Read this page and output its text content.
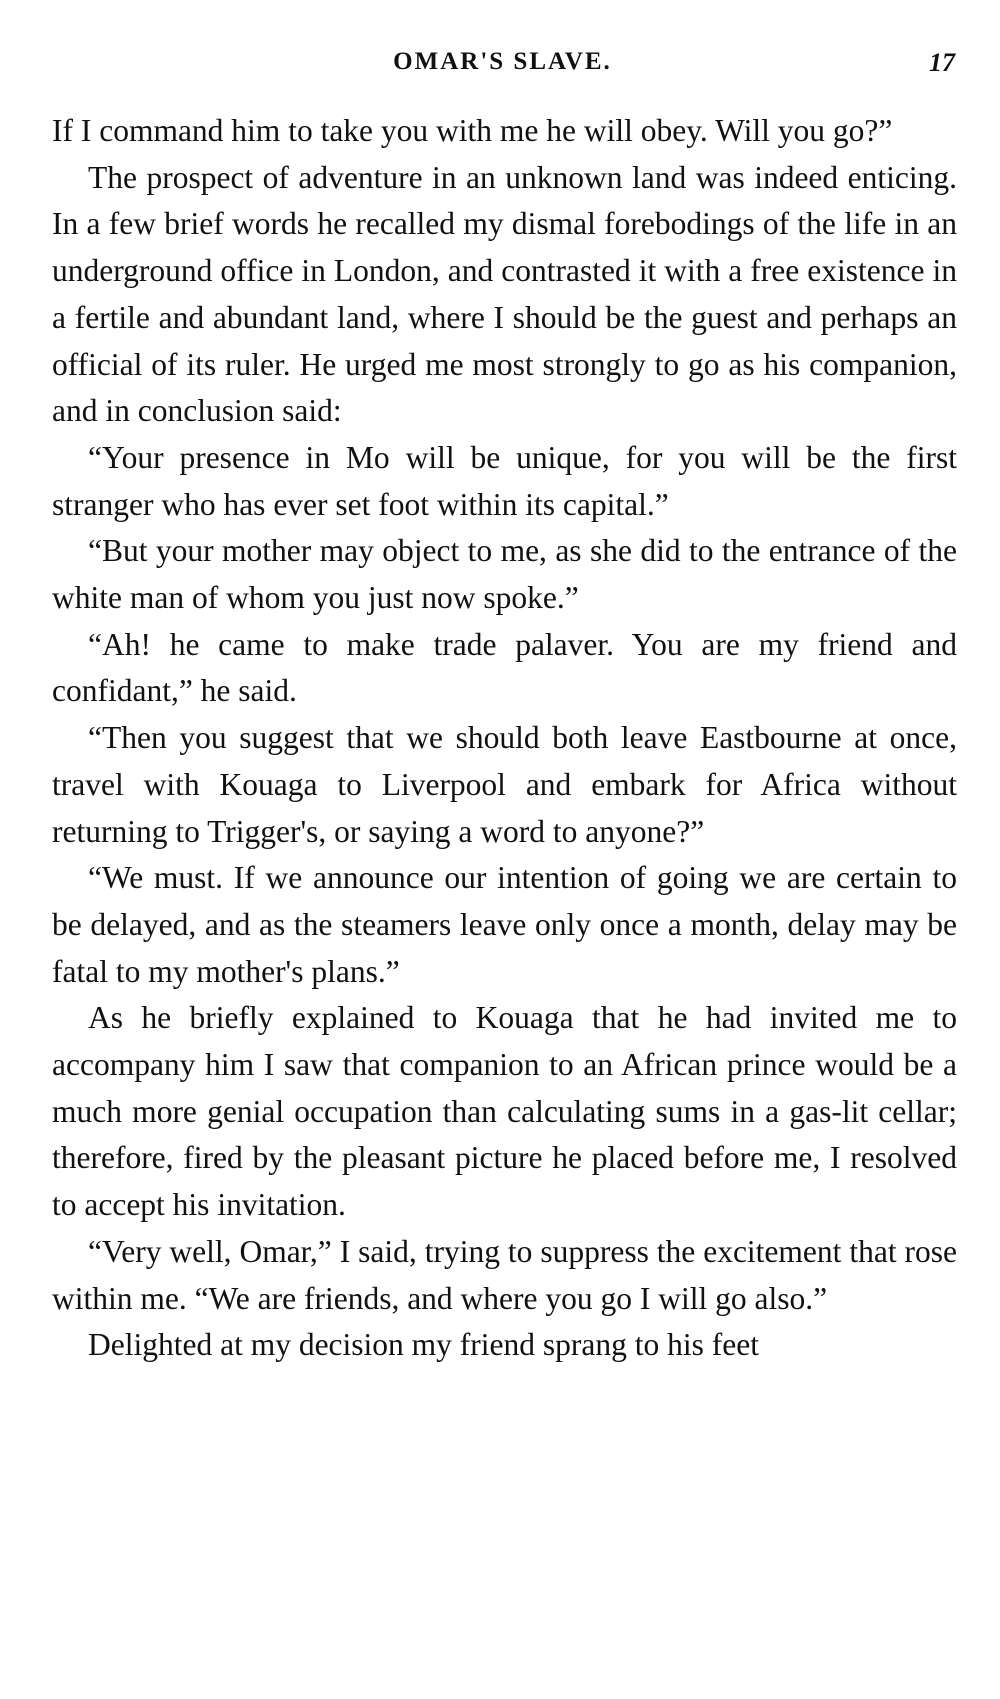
OMAR'S SLAVE.	17

If I command him to take you with me he will obey. Will you go?”

The prospect of adventure in an unknown land was indeed enticing. In a few brief words he recalled my dismal forebodings of the life in an underground office in London, and contrasted it with a free existence in a fertile and abundant land, where I should be the guest and perhaps an official of its ruler. He urged me most strongly to go as his companion, and in conclusion said:

“Your presence in Mo will be unique, for you will be the first stranger who has ever set foot within its capital.”

“But your mother may object to me, as she did to the entrance of the white man of whom you just now spoke.”

“Ah! he came to make trade palaver. You are my friend and confidant,” he said.

“Then you suggest that we should both leave Eastbourne at once, travel with Kouaga to Liverpool and embark for Africa without returning to Trigger's, or saying a word to anyone?”

“We must. If we announce our intention of going we are certain to be delayed, and as the steamers leave only once a month, delay may be fatal to my mother's plans.”

As he briefly explained to Kouaga that he had invited me to accompany him I saw that companion to an African prince would be a much more genial occupation than calculating sums in a gas-lit cellar; therefore, fired by the pleasant picture he placed before me, I resolved to accept his invitation.

“Very well, Omar,” I said, trying to suppress the excitement that rose within me. “We are friends, and where you go I will go also.”

Delighted at my decision my friend sprang to his feet
